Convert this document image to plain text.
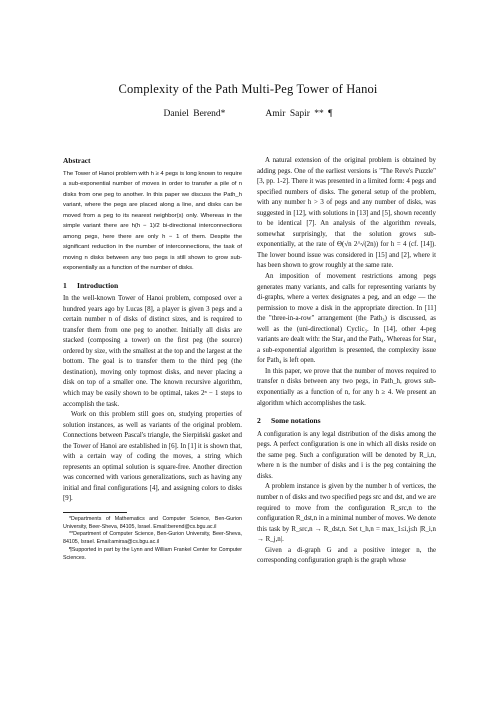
Complexity of the Path Multi-Peg Tower of Hanoi
Daniel Berend*	Amir Sapir ** ¶
Abstract

The Tower of Hanoi problem with h ≥ 4 pegs is long known to require a sub-exponential number of moves in order to transfer a pile of n disks from one peg to another. In this paper we discuss the Path_h variant, where the pegs are placed along a line, and disks can be moved from a peg to its nearest neighbor(s) only. Whereas in the simple variant there are h(h − 1)/2 bi-directional interconnections among pegs, here there are only h − 1 of them. Despite the significant reduction in the number of interconnections, the task of moving n disks between any two pegs is still shown to grow sub-exponentially as a function of the number of disks.

1 Introduction

In the well-known Tower of Hanoi problem, composed over a hundred years ago by Lucas [8], a player is given 3 pegs and a certain number n of disks of distinct sizes, and is required to transfer them from one peg to another. Initially all disks are stacked (composing a tower) on the first peg (the source) ordered by size, with the smallest at the top and the largest at the bottom. The goal is to transfer them to the third peg (the destination), moving only topmost disks, and never placing a disk on top of a smaller one. The known recursive algorithm, which may be easily shown to be optimal, takes 2ⁿ − 1 steps to accomplish the task.

Work on this problem still goes on, studying properties of solution instances, as well as variants of the original problem. Connections between Pascal's triangle, the Sierpiński gasket and the Tower of Hanoi are established in [6]. In [1] it is shown that, with a certain way of coding the moves, a string which represents an optimal solution is square-free. Another direction was concerned with various generalizations, such as having any initial and final configurations [4], and assigning colors to disks [9].

*Departments of Mathematics and Computer Science, Ben-Gurion University, Beer-Sheva, 84105, Israel. Email:berend@cs.bgu.ac.il

**Department of Computer Science, Ben-Gurion University, Beer-Sheva, 84105, Israel. Email:amirsa@cs.bgu.ac.il

¶Supported in part by the Lynn and William Frankel Center for Computer Sciences.

A natural extension of the original problem is obtained by adding pegs. One of the earliest versions is "The Reve's Puzzle" [3, pp. 1-2]. There it was presented in a limited form: 4 pegs and specified numbers of disks. The general setup of the problem, with any number h > 3 of pegs and any number of disks, was suggested in [12], with solutions in [13] and [5], shown recently to be identical [7]. An analysis of the algorithm reveals, somewhat surprisingly, that the solution grows sub-exponentially, at the rate of Θ(√n 2^√(2n)) for h = 4 (cf. [14]). The lower bound issue was considered in [15] and [2], where it has been shown to grow roughly at the same rate.

An imposition of movement restrictions among pegs generates many variants, and calls for representing variants by di-graphs, where a vertex designates a peg, and an edge — the permission to move a disk in the appropriate direction. In [11] the "three-in-a-row" arrangement (the Path₃) is discussed, as well as the (uni-directional) Cyclic₃. In [14], other 4-peg variants are dealt with: the Star₄ and the Path₄. Whereas for Star₄ a sub-exponential algorithm is presented, the complexity issue for Path₄ is left open.

In this paper, we prove that the number of moves required to transfer n disks between any two pegs, in Path_h, grows sub-exponentially as a function of n, for any h ≥ 4. We present an algorithm which accomplishes the task.

2 Some notations

A configuration is any legal distribution of the disks among the pegs. A perfect configuration is one in which all disks reside on the same peg. Such a configuration will be denoted by R_i,n, where n is the number of disks and i is the peg containing the disks.

A problem instance is given by the number h of vertices, the number n of disks and two specified pegs src and dst, and we are required to move from the configuration R_src,n to the configuration R_dst,n in a minimal number of moves. We denote this task by R_src,n → R_dst,n. Set t_h,n = max_1≤i,j≤h |R_i,n → R_j,n|.

Given a di-graph G and a positive integer n, the corresponding configuration graph is the graph whose
